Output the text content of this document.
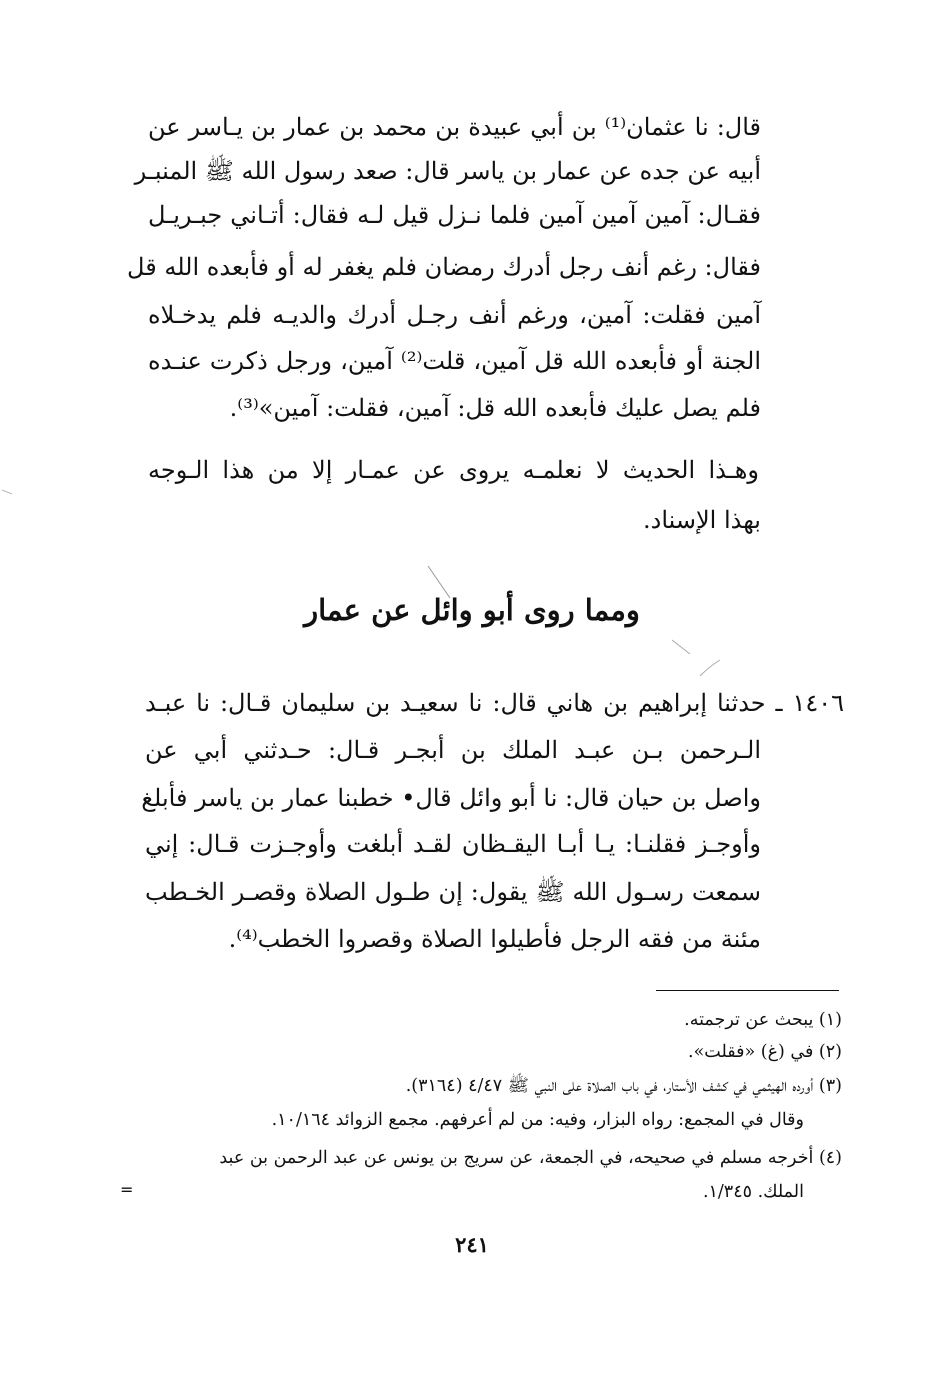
قال: نا عثمان⁽¹⁾ بن أبي عبيدة بن محمد بن عمار بن يـاسر عن
أبيه عن جده عن عمار بن ياسر قال: صعد رسول الله ﷺ المنبـر
فقـال: آمين آمين آمين فلما نـزل قيل لـه فقال: أتـاني جبـريـل
فقال: رغم أنف رجل أدرك رمضان فلم يغفر له أو فأبعده الله قل
آمين فقلت: آمين، ورغم أنف رجـل أدرك والديـه فلم يدخـلاه
الجنة أو فأبعده الله قل آمين، قلت⁽²⁾ آمين، ورجل ذكرت عنـده
فلم يصل عليك فأبعده الله قل: آمين، فقلت: آمين»⁽³⁾.
وهـذا الحديث لا نعلمـه يروى عن عمـار إلا من هذا الـوجه
بهذا الإسناد.
ومما روى أبو وائل عن عمار
١٤٠٦ ـ حدثنا إبراهيم بن هاني قال: نا سعيـد بن سليمان قـال: نا عبـد
الـرحمن بـن عبـد الملك بن أبجـر قـال: حـدثني أبي عن
واصل بن حيان قال: نا أبو وائل قال• خطبنا عمار بن ياسر فأبلغ
وأوجـز فقلنـا: يـا أبـا اليقـظان لقـد أبلغت وأوجـزت قـال: إني
سمعت رسـول الله ﷺ يقول: إن طـول الصلاة وقصـر الخـطب
مئنة من فقه الرجل فأطيلوا الصلاة وقصروا الخطب⁽⁴⁾.
(١) يبحث عن ترجمته.
(٢) في (غ) «فقلت».
(٣) أورده الهيثمي في كشف الأستار، في باب الصلاة على النبي ﷺ ٤/٤٧ (٣١٦٤).
وقال في المجمع: رواه البزار، وفيه: من لم أعرفهم. مجمع الزوائد ١٠/١٦٤.
(٤) أخرجه مسلم في صحيحه، في الجمعة، عن سريج بن يونس عن عبد الرحمن بن عبد
الملك. ١/٣٤٥.
=
٢٤١
